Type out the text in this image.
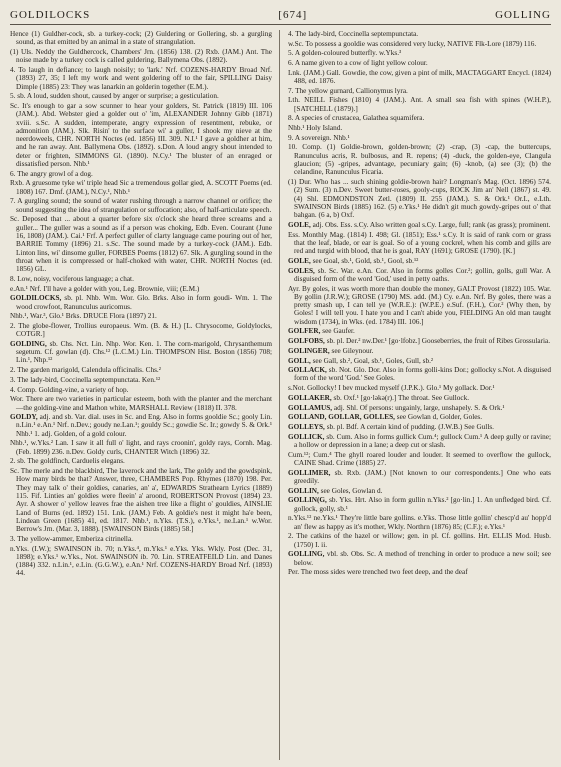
GOLDILOCKS	[674]	GOLLING

Hence (1) Guldher-cock, sb. a turkey-cock; (2) Guldering or Gollering, sb. a gurgling sound, as that emitted by an animal in a state of strangulation.

(1) Uls. Neddy the Guldhercock, Chambers' Jrn. (1856) 138. (2) Rxb. (JAM.) Ant. The noise made by a turkey cock is called guldering, Ballymena Obs. (1892).

4. To laugh in defiance; to laugh noisily; to 'lark.' Nrf. COZENS-HARDY Broad Nrf. (1893) 27, 35; I left my work and went goldering off to the fair, SPILLING Daisy Dimple (1885) 23: They was lanarkin an golderin together (E.M.).

5. sb. A loud, sudden shout, caused by anger or surprise; a gesticulation.

Sc. It's enough to gar a sow scunner to hear your golders, St. Patrick (1819) III. 106 (JAM.). Abd. Webster gied a golder out o' 'im, ALEXANDER Johnny Gibb (1871) xviii. s.Sc. A sudden, intemperate, angry expression of resentment, rebuke, or admonition (JAM.). Slk. Risin' to the surface wi' a guller, I shook my nieve at the neerdoweels, CHR. NORTH Noctes (ed. 1856) III. 309. N.I.¹ I gave a goldher at him, and he ran away. Ant. Ballymena Obs. (1892). s.Don. A loud angry shout intended to deter or frighten, SIMMONS Gl. (1890). N.Cy.¹ The bluster of an enraged or dissatisfied person. Nhb.¹

6. The angry growl of a dog.

Rxb. A gruesome tyke wi' triple head Sic a tremendous gollar gied, A. SCOTT Poems (ed. 1808) 167. Dmf. (JAM.), N.Cy.¹, Nhb.¹

7. A gurgling sound; the sound of water rushing through a narrow channel or orifice; the sound suggesting the idea of strangulation or suffocation; also, of half-articulate speech.

Sc. Deposed that ... about a quarter before six o'clock she heard three screams and a guller... The guller was a sound as if a person was choking, Edb. Even. Courant (June 16, 1808) (JAM.). Cai.¹ Frf. A perfect guller of clarty language came pouring out of her, BARRIE Tommy (1896) 21. s.Sc. The sound made by a turkey-cock (JAM.). Edb. Linton lins, wi' dinsome guller, FORBES Poems (1812) 67. Slk. A gurgling sound in the throat when it is compressed or half-choked with water, CHR. NORTH Noctes (ed. 1856) GL.

8. Low, noisy, vociferous language; a chat.

e.An.¹ Nrf. I'll have a golder with you, Leg. Brownie, viii; (E.M.)

GOLDILOCKS, sb. pl. Nhb. Wm. Wor. Glo. Brks. Also in form goudi- Wm. 1. The wood crowfoot, Ranunculus auricomus.

Nhb.¹, War.³, Glo.¹ Brks. DRUCE Flora (1897) 21.

2. The globe-flower, Trollius europaeus. Wm. (B. & H.) [L. Chrysocome, Goldylocks, COTGR.]

GOLDING, sb. Chs. Nct. Lin. Nhp. Wor. Ken. 1. The corn-marigold, Chrysanthemum segetum. Cf. gowlan (d). Chs.¹² (L.C.M.) Lin. THOMPSON Hist. Boston (1856) 708; Lin.¹, Nhp.¹²

2. The garden marigold, Calendula officinalis. Chs.²

3. The lady-bird, Coccinella septempunctata. Ken.¹²

4. Comp. Golding-vine, a variety of hop.

Wor. There are two varieties in particular esteem, both with the planter and the merchant—the golding-vine and Mathon white, MARSHALL Review (1818) II. 378.

GOLDY, adj. and sb. Var. dial. uses in Sc. and Eng. Also in forms gooldie Sc.; gooly Lin. n.Lin.¹ e.An.¹ Nrf. n.Dev.; goudy ne.Lan.¹; gouldy Sc.; gowdie Sc. Ir.; gowdy S. & Ork.¹ Nhb.¹ 1. adj. Golden, of a gold colour.

Nhb.¹, w.Yks.² Lan. I saw it all full o' light, and rays croonin', goldy rays, Cornh. Mag. (Feb. 1899) 236. n.Dev. Goldy curls, CHANTER Witch (1896) 32.

2. sb. The goldfinch, Carduelis elegans.

Sc. The merle and the blackbird, The laverock and the lark, The goldy and the gowdspink, How many birds be that? Answer, three, CHAMBERS Pop. Rhymes (1870) 198. Per. They may talk o' their goldies, canaries, an' a', EDWARDS Strathearn Lyrics (1889) 115. Fif. Linties an' goldies were fleein' a' aroond, ROBERTSON Provost (1894) 23. Ayr. A shower o' yellow leaves frae the aishen tree like a flight o' gouldies, AINSLIE Land of Burns (ed. 1892) 151. Lnk. (JAM.) Feb. A goldie's nest it might ha'e been, Lindean Green (1685) 41, ed. 1817. Nhb.¹, n.Yks. (T.S.), e.Yks.¹, ne.Lan.¹ w.Wor. Berrow's Jrn. (Mar. 3, 1888). [SWAINSON Birds (1885) 58.]

3. The yellow-ammer, Emberiza citrinella.

n.Yks. (I.W.); SWAINSON ib. 70; n.Yks.⁴, m.Yks.¹ e.Yks. Yks. Wkly. Post (Dec. 31, 1898); e.Yks.¹ w.Yks., Not. SWAINSON ib. 70. Lin. STREATFEILD Lin. and Danes (1884) 332. n.Lin.¹, e.Lin. (G.G.W.), e.An.¹ Nrf. COZENS-HARDY Broad Nrf. (1893) 44.

4. The lady-bird, Coccinella septempunctata.

w.Sc. To possess a gooldie was considered very lucky, NATIVE Flk-Lore (1879) 116.

5. A golden-coloured butterfly. w.Yks.³

6. A name given to a cow of light yellow colour.

Lnk. (JAM.) Gall. Gowdie, the cow, given a pint of milk, MACTAGGART Encycl. (1824) 488, ed. 1876.

7. The yellow gurnard, Callionymus lyra.

Lth. NEILL Fishes (1810) 4 (JAM.). Ant. A small sea fish with spines (W.H.P.), [SATCHELL (1879).]

8. A species of crustacea, Galathea squamifera.

Nhb.¹ Holy Island.

9. A sovereign. Nhb.¹

10. Comp. (1) Goldie-brown, golden-brown; (2) -crap, (3) -cap, the buttercups, Ranunculus acris, R. bulbosus, and R. repens; (4) -duck, the golden-eye, Clangula glaucion; (5) -gripes, advantage, pecuniary gain; (6) -knob, (a) see (3); (b) the celandine, Ranunculus Ficaria.

(1) Dur. Who has ... such shining goldie-brown hair? Longman's Mag. (Oct. 1896) 574. (2) Sum. (3) n.Dev. Sweet butter-roses, gooly-cups, ROCK Jim an' Nell (1867) st. 49. (4) Shl. EDMONDSTON Zetl. (1809) II. 255 (JAM.). S. & Ork.¹ Or.I., e.Lth. SWAINSON Birds (1885) 162. (5) e.Yks.¹ He didn't git much gowdy-gripes out o' that bahgan. (6 a, b) Oxf.

GOLE, adj. Obs. Ess. s.Cy. Also written goal s.Cy. Large, full; rank (as grass); prominent.

Ess. Monthly Mag. (1814) I. 498; Gl. (1851); Ess.¹ s.Cy. It is said of rank corn or grass that the leaf, blade, or ear is goal. So of a young cockrel, when his comb and gills are red and turgid with blood, that he is goal, RAY (1691); GROSE (1790). [K.]

GOLE, see Goal, sb.¹, Gold, sb.¹, Gool, sb.¹²

GOLES, sb. Sc. War. e.An. Cor. Also in forms golles Cor.²; gollin, golls, gull War. A disguised form of the word 'God,' used in petty oaths.

Ayr. By goles, it was worth more than double the money, GALT Provost (1822) 105. War. By gollin (J.R.W.); GROSE (1790) MS. add. (M.) Cy. e.An. Nrf. By goles, there was a pretty smash up, I can tell ye (W.R.E.): (W.P.E.) e.Suf. (F.H.), Cor.² (Why then, by Goles! I will tell you. I hate you and I can't abide you, FIELDING An old man taught wisdom (1734), in Wks. (ed. 1784) III. 106.]

GOLFER, see Gaufer.

GOLFOBS, sb. pl. Der.² nw.Der.¹ [go·lfobz.] Gooseberries, the fruit of Ribes Grossularia.

GOLINGER, see Gileynour.

GOLL, see Gall, sb.², Goal, sb.¹, Goles, Gull, sb.²

GOLLACK, sb. Not. Glo. Dor. Also in forms golli-kins Dor.; gollocky s.Not. A disguised form of the word 'God.' See Goles.

s.Not. Gollocky! I bev mucked myself (J.P.K.). Glo.¹ My gollack. Dor.¹

GOLLAKER, sb. Oxf.¹ [go·ləkə(r).] The throat. See Gullock.

GOLLAMUS, adj. Shl. Of persons: ungainly, large, unshapely. S. & Ork.¹

GOLLAND, GOLLAR, GOLLES, see Gowlan d, Golder, Goles.

GOLLEYS, sb. pl. Bdf. A certain kind of pudding. (J.W.B.) See Gulls.

GOLLICK, sb. Cum. Also in forms gullick Cum.⁴; gullock Cum.¹ A deep gully or ravine; a hollow or depression in a lane; a deep cut or slash.

Cum.¹²; Cum.⁴ The ghyll roared louder and louder. It seemed to overflow the gullock, CAINE Shad. Crime (1885) 27.

GOLLIMER, sb. Rxb. (JAM.) [Not known to our correspondents.] One who eats greedily.

GOLLIN, see Goles, Gowlan d.

GOLLIN(G, sb. Yks. Hrt. Also in form gullin n.Yks.² [go·lin.] 1. An unfledged bird. Cf. gollock, golly, sb.¹

n.Yks.¹² ne.Yks.¹ They're little bare gollins. e.Yks. Those little gollin' chescp'd au' hopp'd an' flew as happy as it's mother, Wkly. Northrn (1876) 85; (C.F.); e.Yks.¹

2. The catkins of the hazel or willow; gen. in pl. Cf. gollins. Hrt. ELLIS Mod. Husb. (1750) I. ii.

GOLLING, vbl. sb. Obs. Sc. A method of trenching in order to produce a new soil; see below.

Per. The moss sides were trenched two feet deep, and the deaf
